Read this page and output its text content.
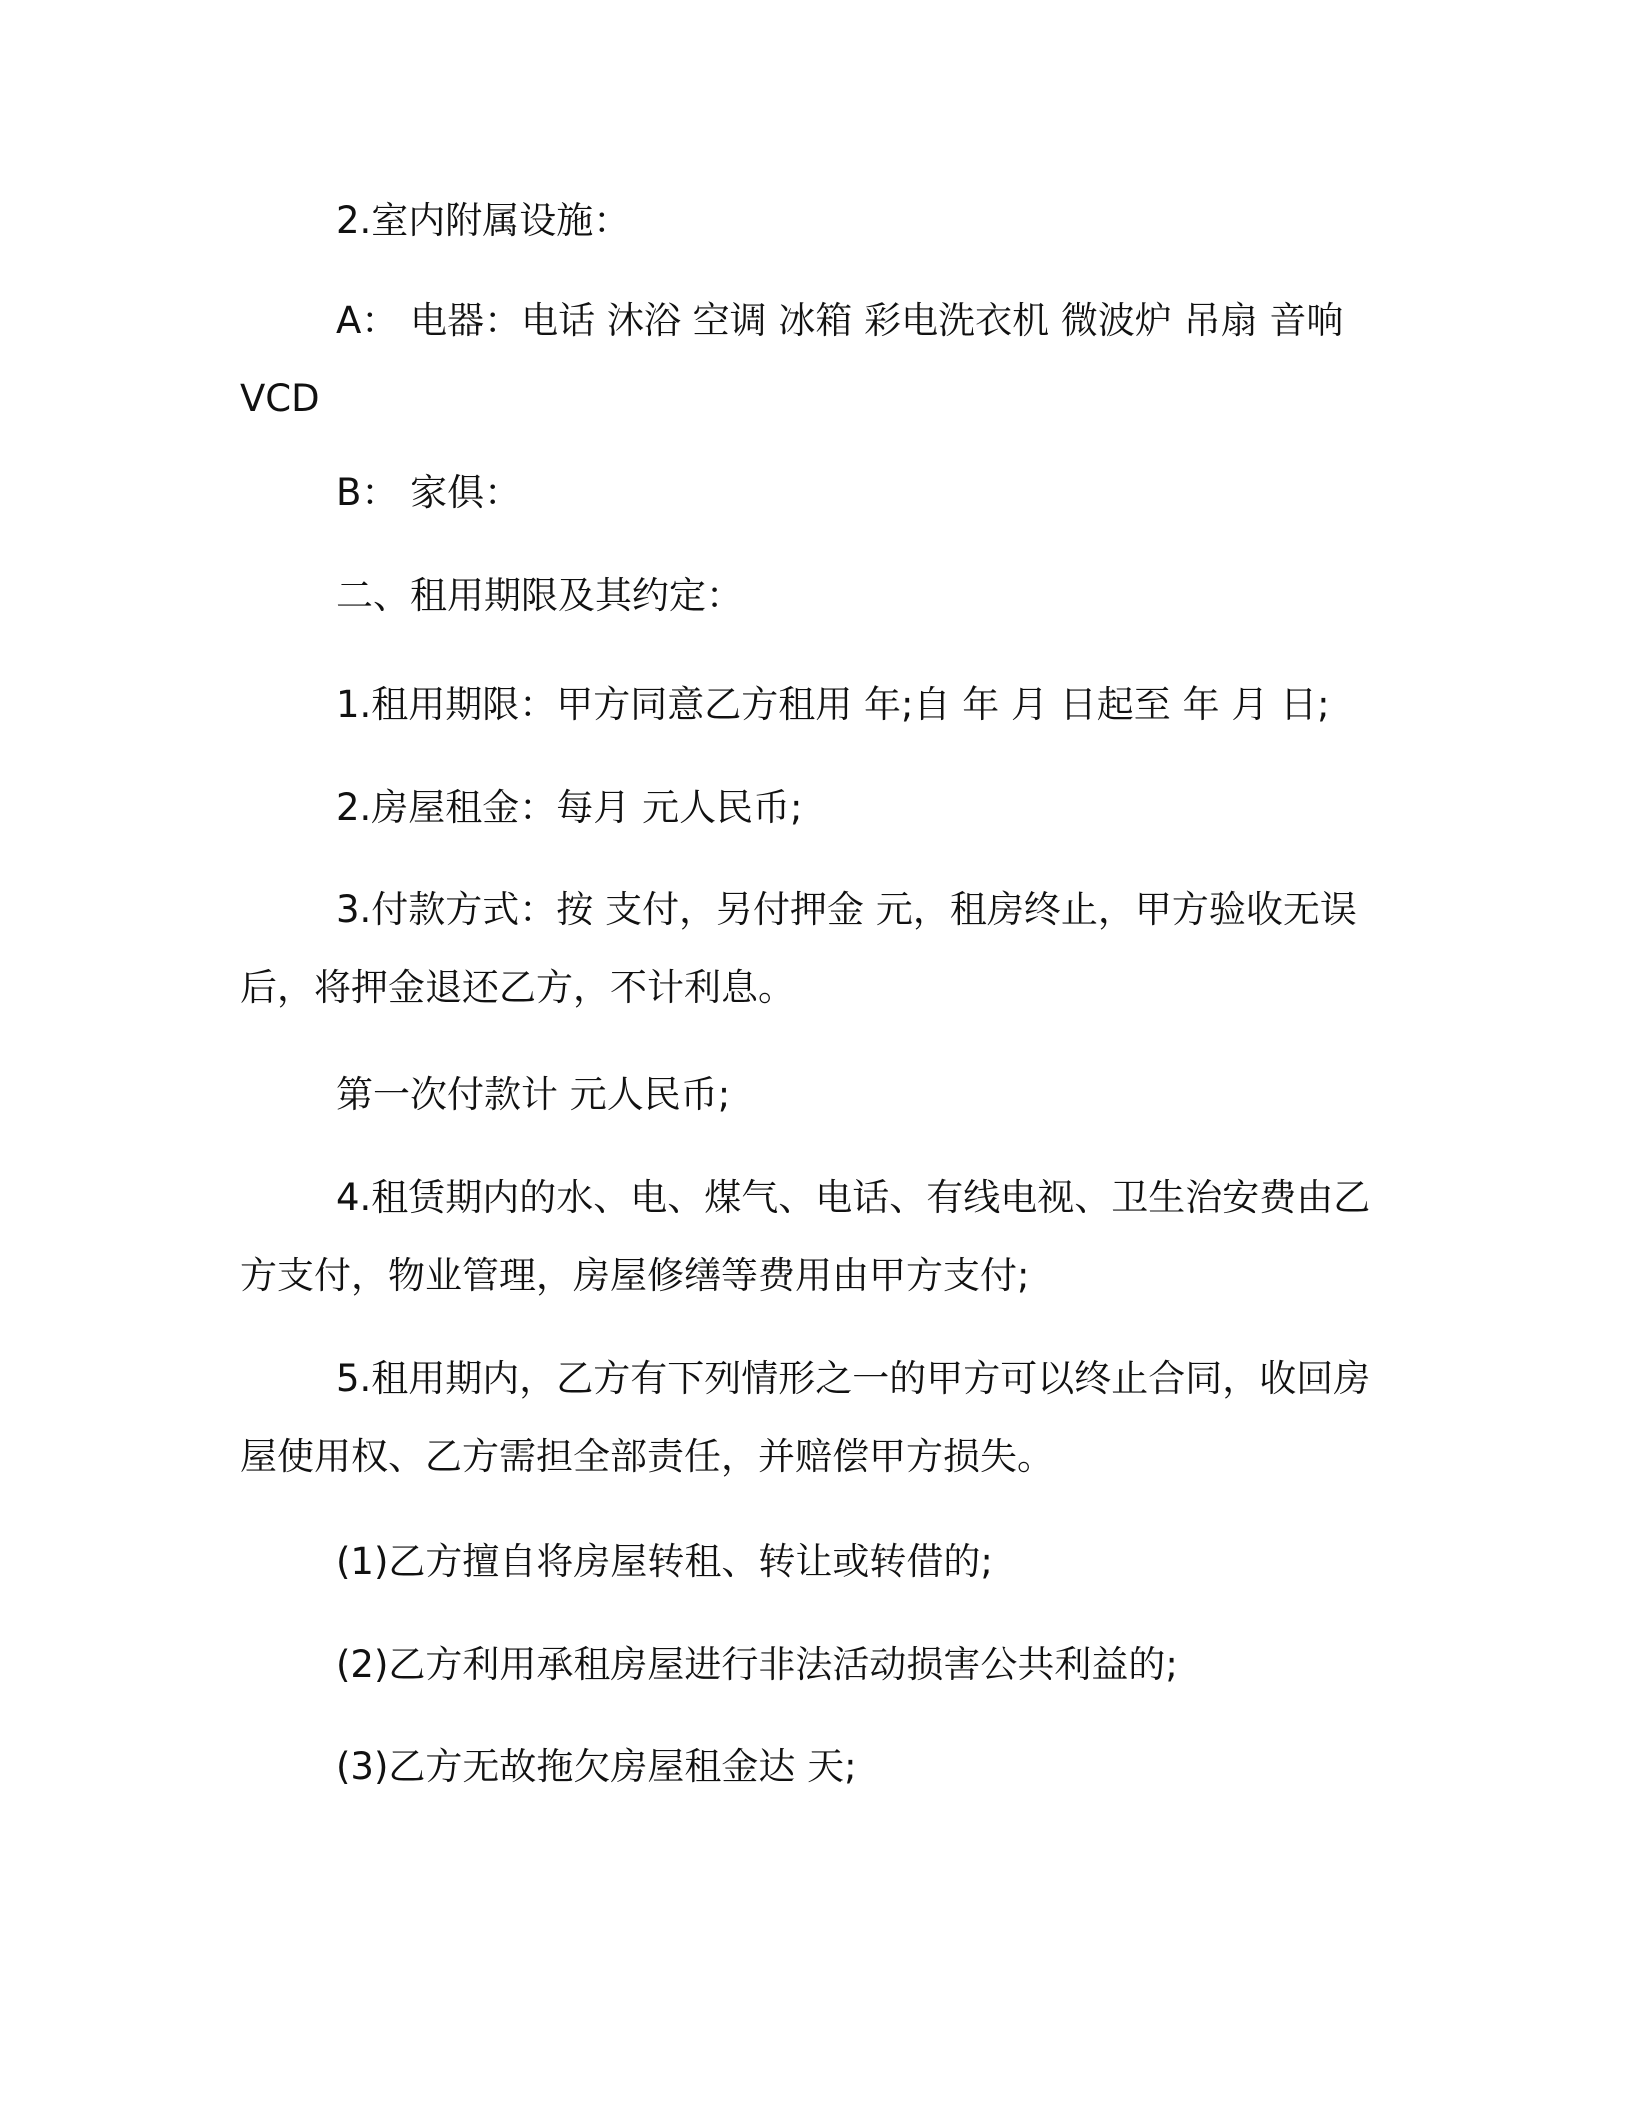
2.室内附属设施：
A： 电器：电话 沐浴 空调 冰箱 彩电洗衣机 微波炉 吊扇 音响
VCD
B： 家俱：
二、租用期限及其约定：
1.租用期限：甲方同意乙方租用 年;自 年 月 日起至 年 月 日;
2.房屋租金：每月 元人民币;
3.付款方式：按 支付，另付押金 元，租房终止，甲方验收无误
后，将押金退还乙方，不计利息。
第一次付款计 元人民币;
4.租赁期内的水、电、煤气、电话、有线电视、卫生治安费由乙
方支付，物业管理，房屋修缮等费用由甲方支付;
5.租用期内，乙方有下列情形之一的甲方可以终止合同，收回房
屋使用权、乙方需担全部责任，并赔偿甲方损失。
(1)乙方擅自将房屋转租、转让或转借的;
(2)乙方利用承租房屋进行非法活动损害公共利益的;
(3)乙方无故拖欠房屋租金达 天;
